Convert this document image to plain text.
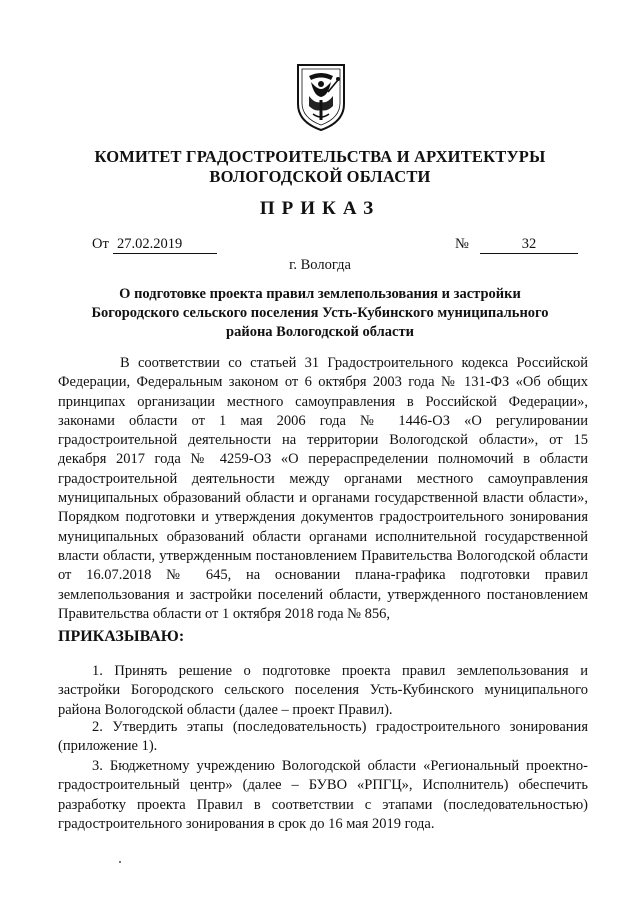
КОМИТЕТ ГРАДОСТРОИТЕЛЬСТВА И АРХИТЕКТУРЫ
ВОЛОГОДСКОЙ ОБЛАСТИ
ПРИКАЗ
От 27.02.2019	№	32
г. Вологда
О подготовке проекта правил землепользования и застройки
Богородского сельского поселения Усть-Кубинского муниципального
района Вологодской области
В соответствии со статьей 31 Градостроительного кодекса Российской Федерации, Федеральным законом от 6 октября 2003 года № 131-ФЗ «Об общих принципах организации местного самоуправления в Российской Федерации», законами области от 1 мая 2006 года № 1446-ОЗ «О регулировании градостроительной деятельности на территории Вологодской области», от 15 декабря 2017 года № 4259-ОЗ «О перераспределении полномочий в области градостроительной деятельности между органами местного самоуправления муниципальных образований области и органами государственной власти области», Порядком подготовки и утверждения документов градостроительного зонирования муниципальных образований области органами исполнительной государственной власти области, утвержденным постановлением Правительства Вологодской области от 16.07.2018 № 645, на основании плана-графика подготовки правил землепользования и застройки поселений области, утвержденного постановлением Правительства области от 1 октября 2018 года № 856,
ПРИКАЗЫВАЮ:
1. Принять решение о подготовке проекта правил землепользования и застройки Богородского сельского поселения Усть-Кубинского муниципального района Вологодской области (далее – проект Правил).
2. Утвердить этапы (последовательность) градостроительного зонирования (приложение 1).
3. Бюджетному учреждению Вологодской области «Региональный проектно-градостроительный центр» (далее – БУВО «РПГЦ», Исполнитель) обеспечить разработку проекта Правил в соответствии с этапами (последовательностью) градостроительного зонирования в срок до 16 мая 2019 года.
